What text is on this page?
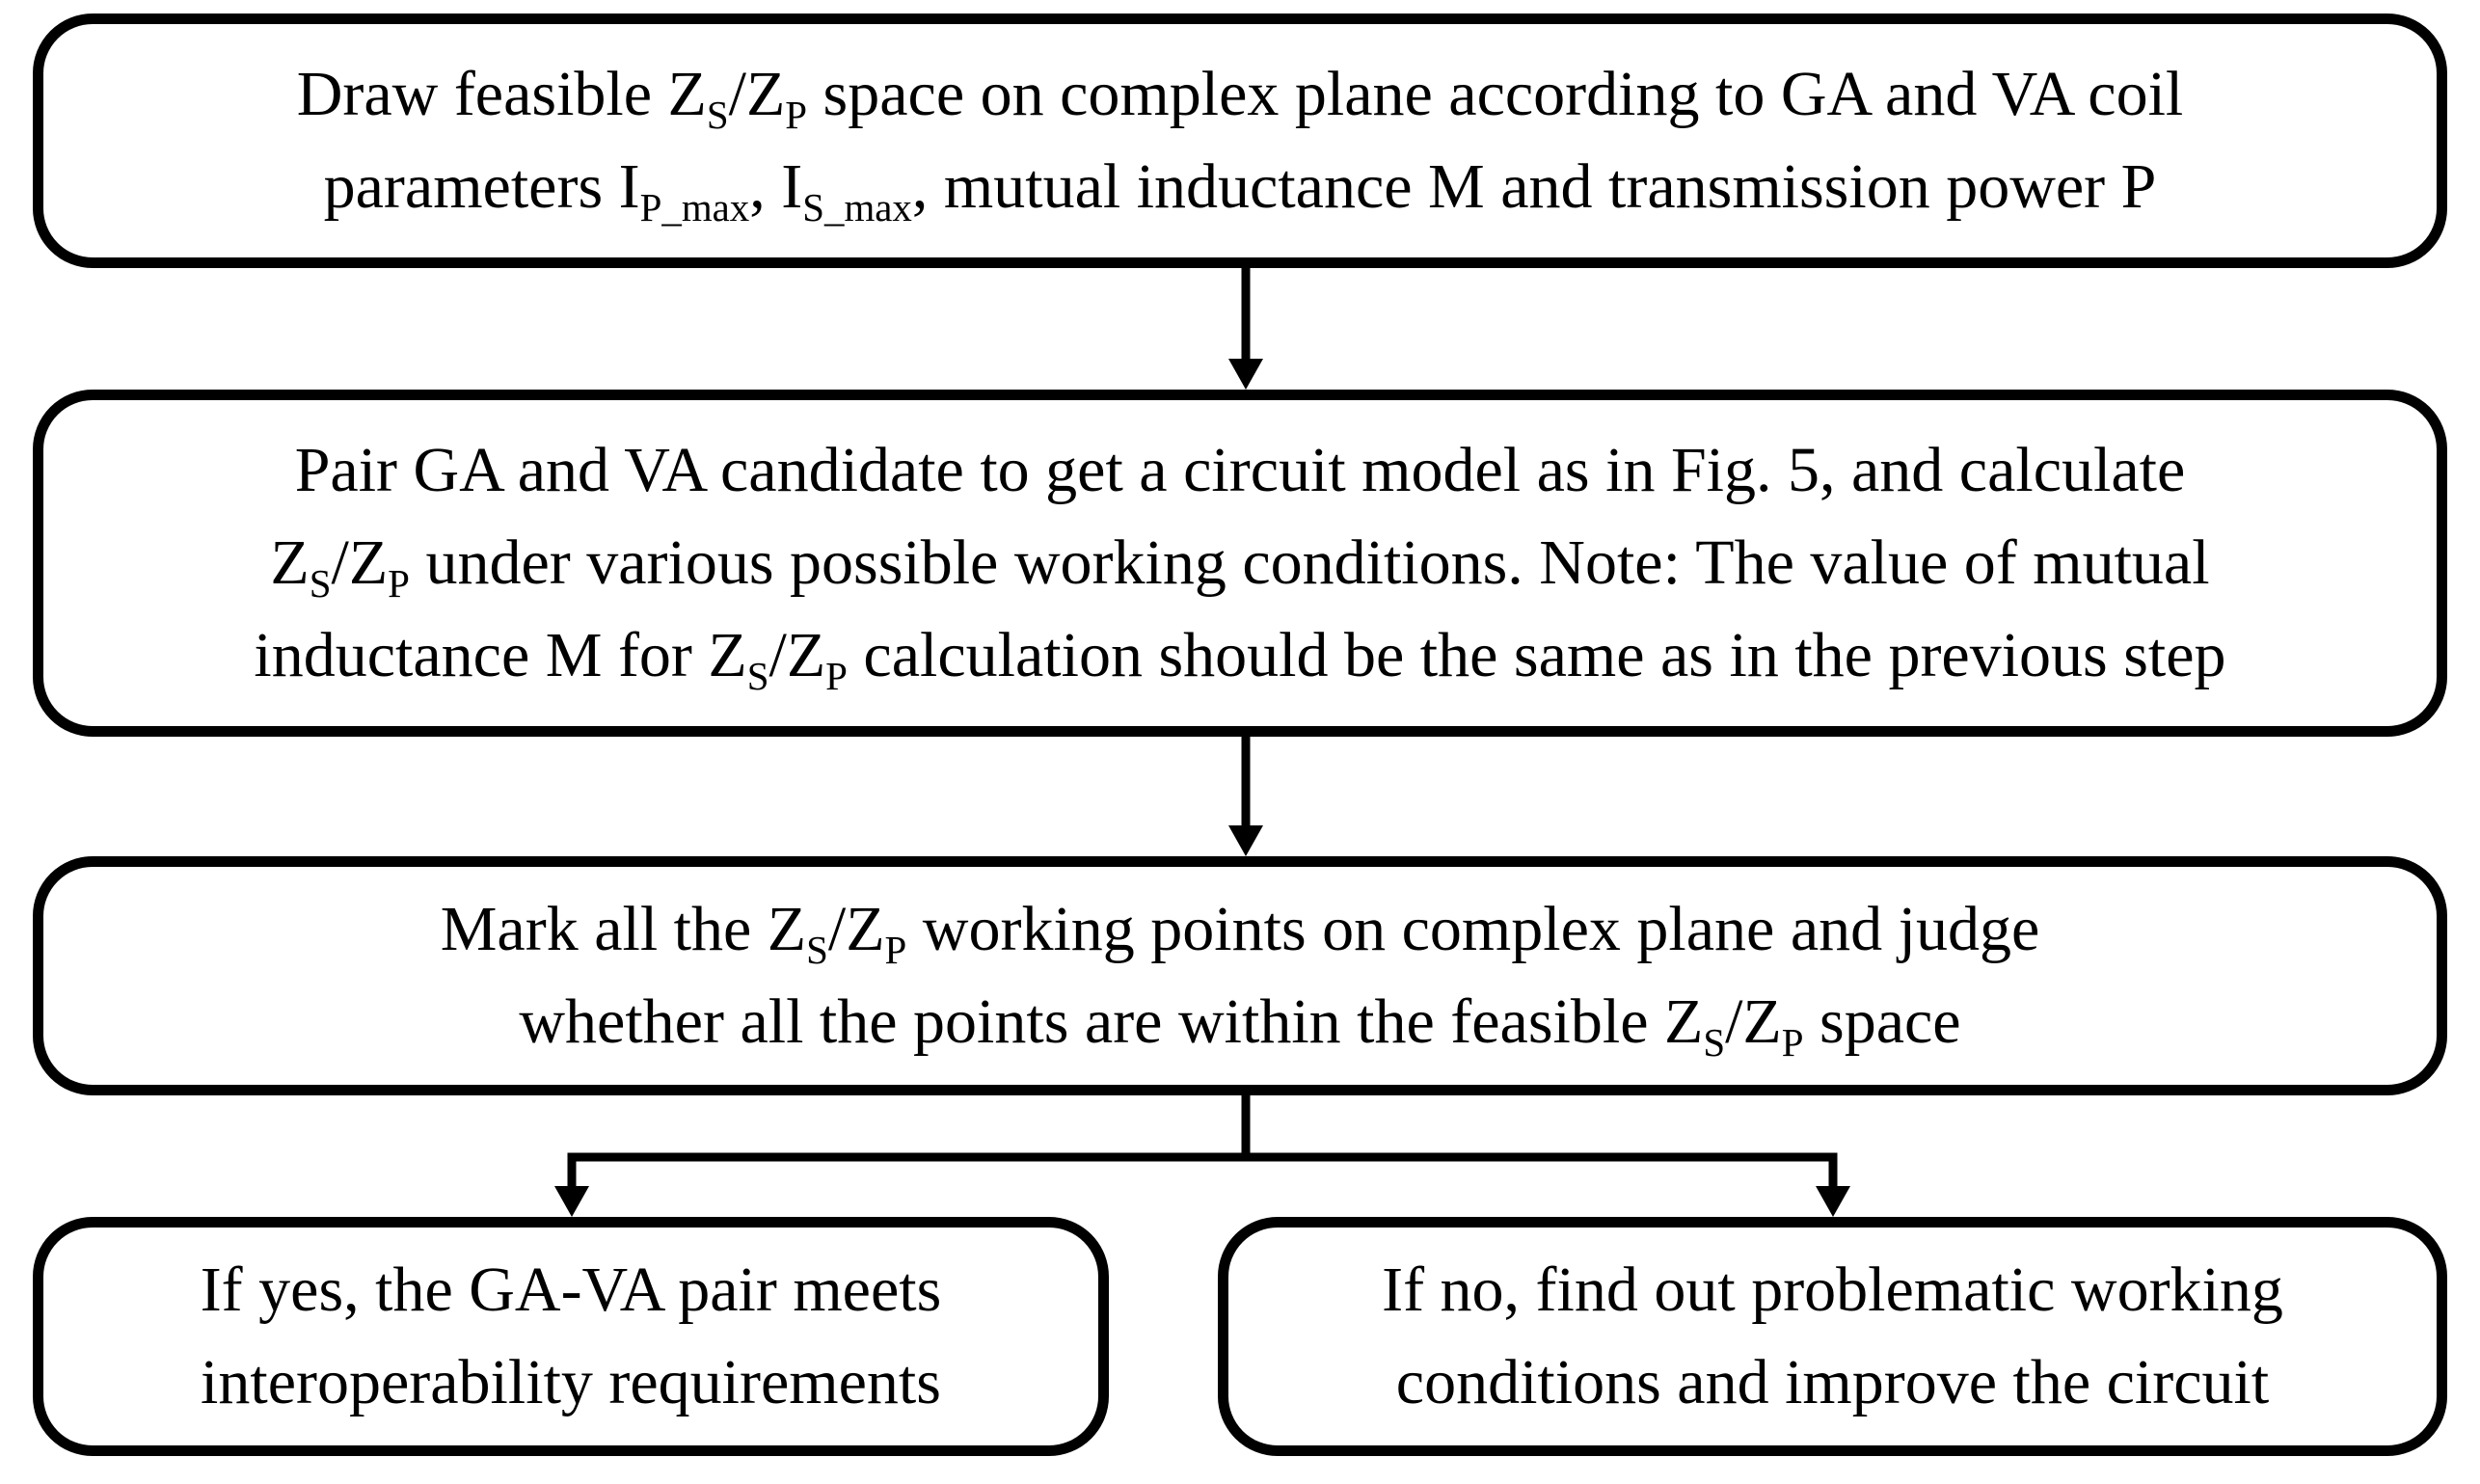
Draw feasible $Z_S/Z_P$ space on complex plane according to GA and VA coil
parameters $I_{P\_max}$, $I_{S\_max}$, mutual inductance M and transmission power P
Pair GA and VA candidate to get a circuit model as in Fig. 5, and calculate
$Z_S/Z_P$ under various possible working conditions. Note: The value of mutual
inductance M for $Z_S/Z_P$ calculation should be the same as in the previous step
Mark all the $Z_S/Z_P$ working points on complex plane and judge
whether all the points are within the feasible $Z_S/Z_P$ space
If yes, the GA-VA pair meets
interoperability requirements
If no, find out problematic working
conditions and improve the circuit
